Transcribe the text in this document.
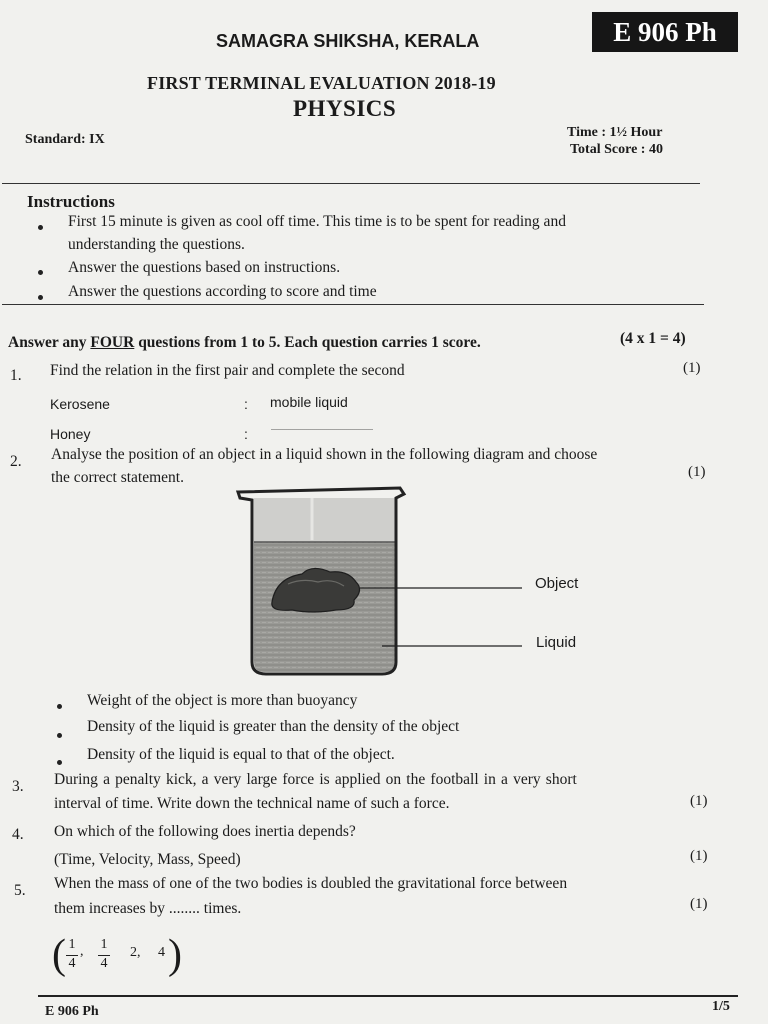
E 906 Ph
SAMAGRA SHIKSHA, KERALA
FIRST TERMINAL EVALUATION 2018-19
PHYSICS
Standard: IX	Time : 1½ Hour
Total Score : 40
Instructions
First 15 minute is given as cool off time. This time is to be spent for reading and
understanding the questions.
Answer the questions based on instructions.
Answer the questions according to score and time
Answer any FOUR questions from 1 to 5. Each question carries 1 score.	(4 x 1 = 4)
1. Find the relation in the first pair and complete the second	(1)
Kerosene	: mobile liquid
Honey	:	...................................................
2. Analyse the position of an object in a liquid shown in the following diagram and choose
the correct statement.	(1)
Object
Liquid
Weight of the object is more than buoyancy
Density of the liquid is greater than the density of the object
Density of the liquid is equal to that of the object.
3. During a penalty kick, a very large force is applied on the football in a very short
interval of time. Write down the technical name of such a force.	(1)
4. On which of the following does inertia depends?
(Time, Velocity, Mass, Speed)	(1)
5. When the mass of one of the two bodies is doubled the gravitational force between
them increases by ........ times.	(1)
( 1
4
, 1
4
2, 4 )
E 906 Ph	1/5
